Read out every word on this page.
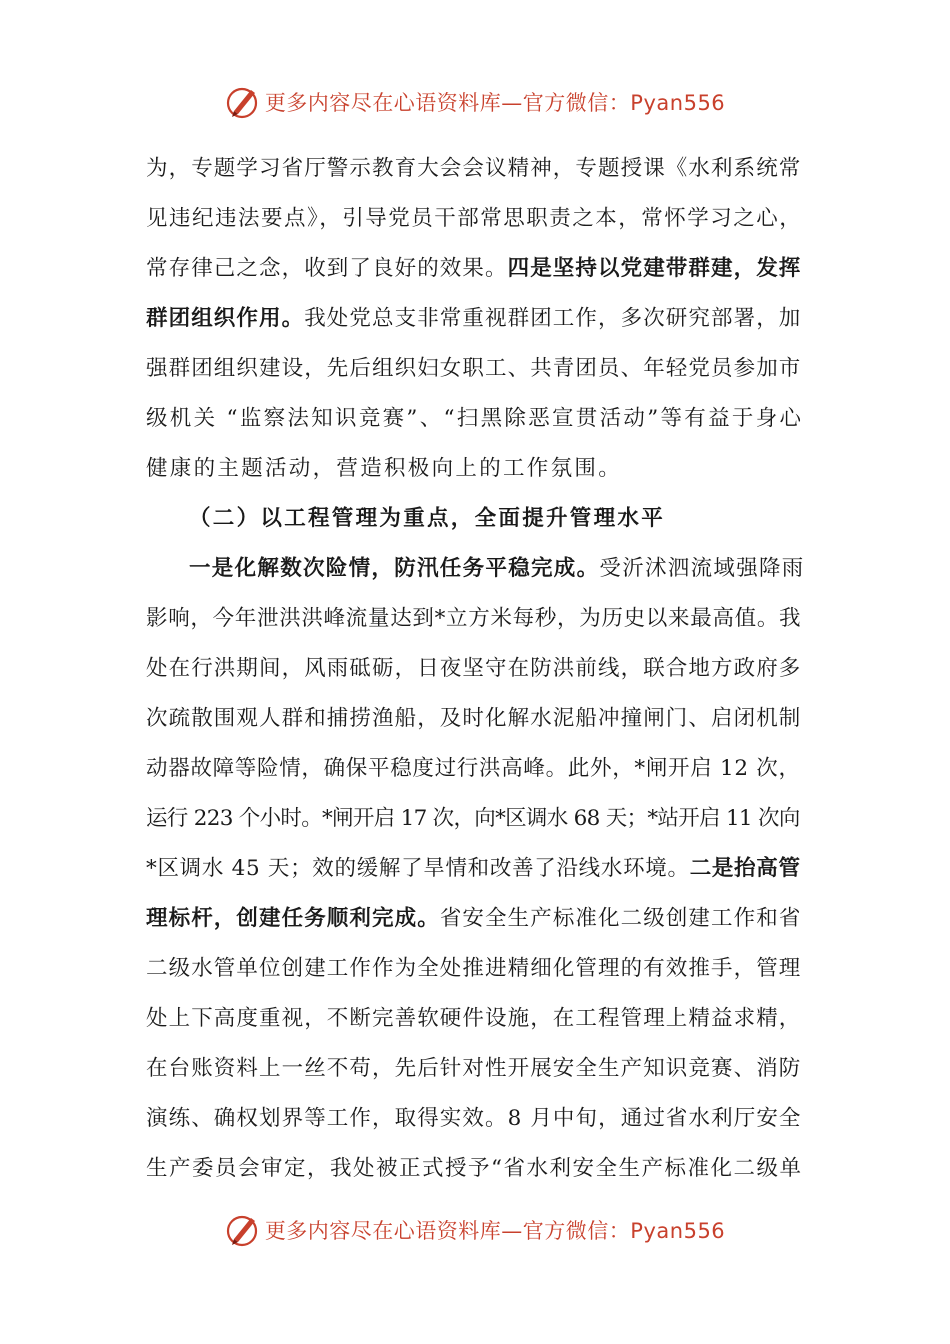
更多内容尽在心语资料库—官方微信：Pyan556
为，专题学习省厅警示教育大会会议精神，专题授课《水利系统常
见违纪违法要点》，引导党员干部常思职责之本，常怀学习之心，
常存律己之念，收到了良好的效果。四是坚持以党建带群建，发挥
群团组织作用。我处党总支非常重视群团工作，多次研究部署，加
强群团组织建设，先后组织妇女职工、共青团员、年轻党员参加市
级机关 “监察法知识竞赛”、“扫黑除恶宣贯活动”等有益于身心
健康的主题活动，营造积极向上的工作氛围。
（二）以工程管理为重点，全面提升管理水平
一是化解数次险情，防汛任务平稳完成。受沂沭泗流域强降雨
影响，今年泄洪洪峰流量达到*立方米每秒，为历史以来最高值。我
处在行洪期间，风雨砥砺，日夜坚守在防洪前线，联合地方政府多
次疏散围观人群和捕捞渔船，及时化解水泥船冲撞闸门、启闭机制
动器故障等险情，确保平稳度过行洪高峰。此外，*闸开启 12 次，
运行 223 个小时。*闸开启 17 次，向*区调水 68 天；*站开启 11 次向
*区调水 45 天；效的缓解了旱情和改善了沿线水环境。二是抬高管
理标杆，创建任务顺利完成。省安全生产标准化二级创建工作和省
二级水管单位创建工作作为全处推进精细化管理的有效推手，管理
处上下高度重视，不断完善软硬件设施，在工程管理上精益求精，
在台账资料上一丝不苟，先后针对性开展安全生产知识竞赛、消防
演练、确权划界等工作，取得实效。8 月中旬，通过省水利厅安全
生产委员会审定，我处被正式授予“省水利安全生产标准化二级单
更多内容尽在心语资料库—官方微信：Pyan556
